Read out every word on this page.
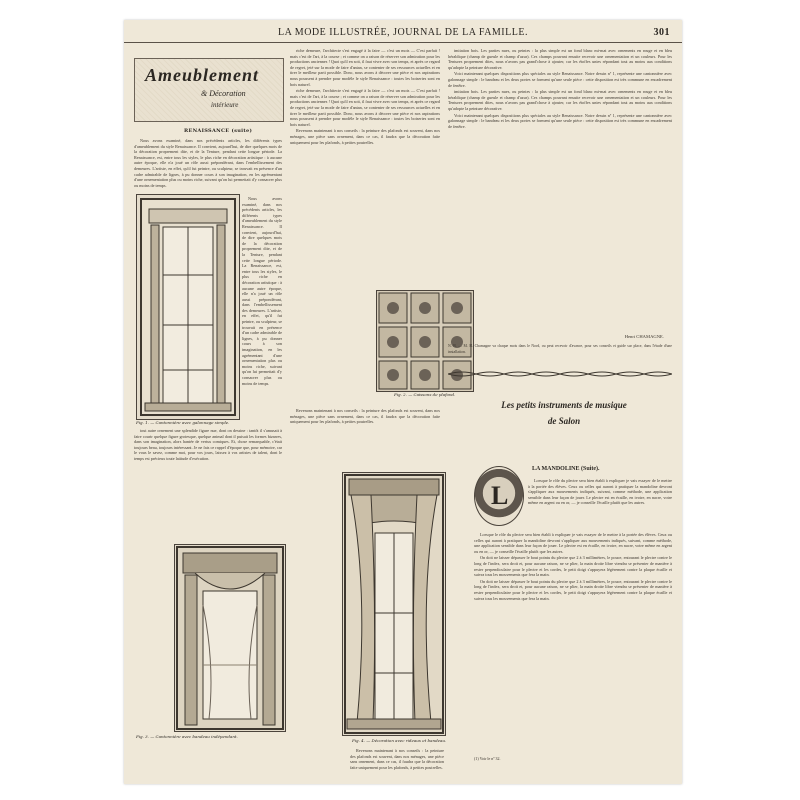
LA MODE ILLUSTRÉE, JOURNAL DE LA FAMILLE.	301
Ameublement
& Décoration
intérieure
RENAISSANCE (suite)

Nous avons examiné, dans nos précédents articles, les différents types d'ameublement du style Renaissance. Il convient, aujourd'hui, de dire quelques mots de la décoration proprement dite, et de la Tenture, pendant cette longue période. La Renaissance, est, entre tous les styles, le plus riche en décoration artistique : à aucune autre époque, elle n'a joué un rôle aussi prépondérant, dans l'embellissement des demeures. L'artiste, en effet, qu'il fut peintre, ou sculpteur, se trouvait en présence d'un cadre admirable de lignes, à pu donner cours à son imagination, en les agrémentant d'une ornementation plus ou moins riche, suivant qu'on lui permettait d'y consacrer plus ou moins de temps.

Nous avons examiné, dans nos précédents articles, les différents types d'ameublement du style Renaissance. Il convient, aujourd'hui, de dire quelques mots de la décoration proprement dite, et de la Tenture, pendant cette longue période. La Renaissance, est, entre tous les styles, le plus riche en décoration artistique : à aucune autre époque, elle n'a joué un rôle aussi prépondérant, dans l'embellissement des demeures. L'artiste, en effet, qu'il fut peintre, ou sculpteur, se trouvait en présence d'un cadre admirable de lignes, à pu donner cours à son imagination, en les agrémentant d'une ornementation plus ou moins riche, suivant qu'on lui permettait d'y consacrer plus ou moins de temps.

Fig. 1. — Cantonnière avec galonnage simple.

tout autre ornement une splendide figure nue, dont on dessine : tantôt il s'amusait à faire courir quelque figure grotesque, quelque animal dont il puisait les formes bizarres, dans son imagination, alors hantée de vertus comiques. Et, chose remarquable, c'était toujours beau, toujours intéressant. Je ne fais ce rappel d'époque que, pour mémoire, car le vous le savez, comme moi, pour vos jours, laissez à vos artistes de talent, dont le temps est précieux toute latitude d'exécution.

Fig. 3. — Cantonnière avec bandeau indépendant.

riche demeure, l'architecte s'est engagé à la faire — c'est un mois — C'est parfait ! mais c'est de l'art, à la course ; et comme on a raison de réserver son admiration pour les productions anciennes ! Quoi qu'il en soit, il faut vivre avec son temps, et après ce regard de regret, jeté sur la mode de faire d'antan, se contenter de ses ressources actuelles et en tirer le meilleur parti possible. Donc, nous avons à décorer une pièce et nos aspirations nous poussent à prendre pour modèle le style Renaissance : toutes les boiseries sont en bois naturel.

riche demeure, l'architecte s'est engagé à la faire — c'est un mois — C'est parfait ! mais c'est de l'art, à la course ; et comme on a raison de réserver son admiration pour les productions anciennes ! Quoi qu'il en soit, il faut vivre avec son temps, et après ce regard de regret, jeté sur la mode de faire d'antan, se contenter de ses ressources actuelles et en tirer le meilleur parti possible. Donc, nous avons à décorer une pièce et nos aspirations nous poussent à prendre pour modèle le style Renaissance : toutes les boiseries sont en bois naturel.

Revenons maintenant à nos conseils : la peinture des plafonds est souvent, dans nos ménages, une pièce sans ornement, dans ce cas, il faudra que la décoration faite uniquement pour les plafonds, à petites poutrelles.

Fig. 2. — Caissons de plafond.

Revenons maintenant à nos conseils : la peinture des plafonds est souvent, dans nos ménages, une pièce sans ornement, dans ce cas, il faudra que la décoration faite uniquement pour les plafonds, à petites poutrelles.

Fig. 4. — Décoration avec rideaux et bandeau.

Revenons maintenant à nos conseils : la peinture des plafonds est souvent, dans nos ménages, une pièce sans ornement, dans ce cas, il faudra que la décoration faite uniquement pour les plafonds, à petites poutrelles.

imitation bois. Les parties nues, ou peintes : la plus simple est un fond blanc mi-mat avec ornements en rouge et en bleu héraldique (champ de gueule et champ d'azur). Ces champs pouvant ensuite recevoir une ornementation et un couleurs. Pour les Tentures proprement dites, nous n'avons pas grand'chose à ajouter, car les étoffes unies répondant tout au moins aux conditions qu'adopte la peinture décorative.

Voici maintenant quelques dispositions plus spéciales au style Renaissance. Notre dessin nº 1, représente une cantonnière avec galonnage simple : le bandeau et les deux portes se forment qu'une seule pièce : cette disposition est très commune en encadrement de fenêtre.

imitation bois. Les parties nues, ou peintes : la plus simple est un fond blanc mi-mat avec ornements en rouge et en bleu héraldique (champ de gueule et champ d'azur). Ces champs pouvant ensuite recevoir une ornementation et un couleurs. Pour les Tentures proprement dites, nous n'avons pas grand'chose à ajouter, car les étoffes unies répondant tout au moins aux conditions qu'adopte la peinture décorative.

Voici maintenant quelques dispositions plus spéciales au style Renaissance. Notre dessin nº 1, représente une cantonnière avec galonnage simple : le bandeau et les deux portes se forment qu'une seule pièce : cette disposition est très commune en encadrement de fenêtre.

Henri CHAMAGNE.
N. B. — M. H. Chamagne va chaque mois dans le Nord, ou peut recevoir d'avance, pour ses conseils et guide sur place, dans l'étude d'une installation.
Les petits instruments de musique
de Salon
L
LA MANDOLINE (Suite).

Lorsque le rôle du plectre sera bien établi à expliquer je vais essayer de le mettre à la portée des élèves. Ceux ou celles qui auront à pratiquer la mandoline devront s'appliquer aux mouvements indiqués, suivant, comme méthode, une application sensible dans leur façon de jouer. Le plectre est en écaille, en ivoire, en nacre, votre même en argent ou en or, — je conseille l'écaille plutôt que les autres.

Lorsque le rôle du plectre sera bien établi à expliquer je vais essayer de le mettre à la portée des élèves. Ceux ou celles qui auront à pratiquer la mandoline devront s'appliquer aux mouvements indiqués, suivant, comme méthode, une application sensible dans leur façon de jouer. Le plectre est en écaille, en ivoire, en nacre, votre même en argent ou en or, — je conseille l'écaille plutôt que les autres.

On doit ne laisser dépasser le bout pointu du plectre que 2 à 3 millimètres, le pouce, entourant le plectre contre le long de l'index, sera droit et, pour aucune raison, ne se plier, la main droite libre viendra se présenter de manière à rester perpendiculaire pour le plectre et les cordes, le petit doigt s'appuyera légèrement contre la plaque écaille et suivra tous les mouvements que fera la main.

On doit ne laisser dépasser le bout pointu du plectre que 2 à 3 millimètres, le pouce, entourant le plectre contre le long de l'index, sera droit et, pour aucune raison, ne se plier, la main droite libre viendra se présenter de manière à rester perpendiculaire pour le plectre et les cordes, le petit doigt s'appuyera légèrement contre la plaque écaille et suivra tous les mouvements que fera la main.

(1) Voir le nº 32.
